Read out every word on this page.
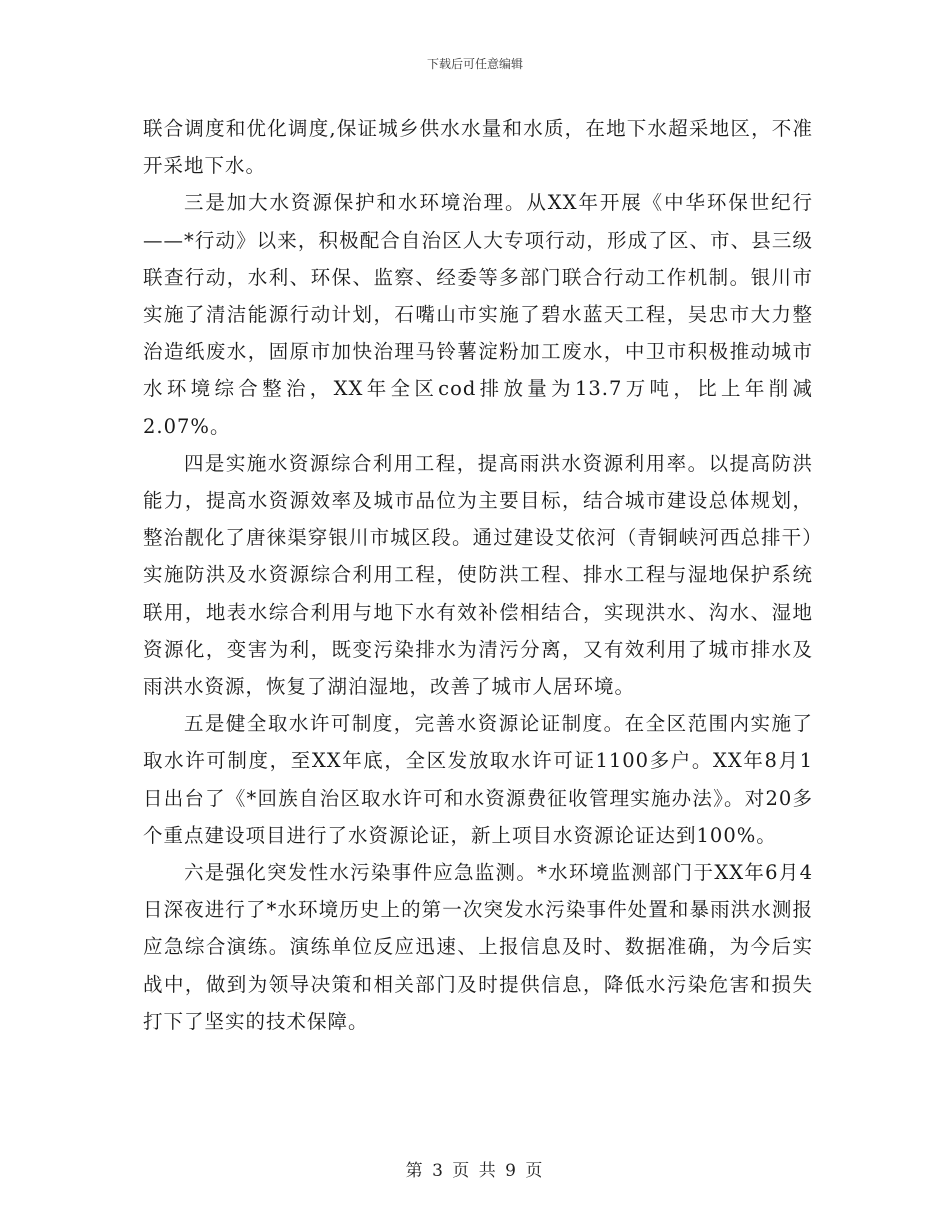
下载后可任意编辑

联合调度和优化调度,保证城乡供水水量和水质，在地下水超采地区，不准开采地下水。

三是加大水资源保护和水环境治理。从XX年开展《中华环保世纪行——*行动》以来，积极配合自治区人大专项行动，形成了区、市、县三级联查行动，水利、环保、监察、经委等多部门联合行动工作机制。银川市实施了清洁能源行动计划，石嘴山市实施了碧水蓝天工程，吴忠市大力整治造纸废水，固原市加快治理马铃薯淀粉加工废水，中卫市积极推动城市水环境综合整治，XX年全区cod排放量为13.7万吨，比上年削减2.07%。

四是实施水资源综合利用工程，提高雨洪水资源利用率。以提高防洪能力，提高水资源效率及城市品位为主要目标，结合城市建设总体规划，整治靓化了唐徕渠穿银川市城区段。通过建设艾依河（青铜峡河西总排干）实施防洪及水资源综合利用工程，使防洪工程、排水工程与湿地保护系统联用，地表水综合利用与地下水有效补偿相结合，实现洪水、沟水、湿地资源化，变害为利，既变污染排水为清污分离，又有效利用了城市排水及雨洪水资源，恢复了湖泊湿地，改善了城市人居环境。

五是健全取水许可制度，完善水资源论证制度。在全区范围内实施了取水许可制度，至XX年底，全区发放取水许可证1100多户。XX年8月1日出台了《*回族自治区取水许可和水资源费征收管理实施办法》。对20多个重点建设项目进行了水资源论证，新上项目水资源论证达到100%。

六是强化突发性水污染事件应急监测。*水环境监测部门于XX年6月4日深夜进行了*水环境历史上的第一次突发水污染事件处置和暴雨洪水测报应急综合演练。演练单位反应迅速、上报信息及时、数据准确，为今后实战中，做到为领导决策和相关部门及时提供信息，降低水污染危害和损失打下了坚实的技术保障。

第 3 页 共 9 页
